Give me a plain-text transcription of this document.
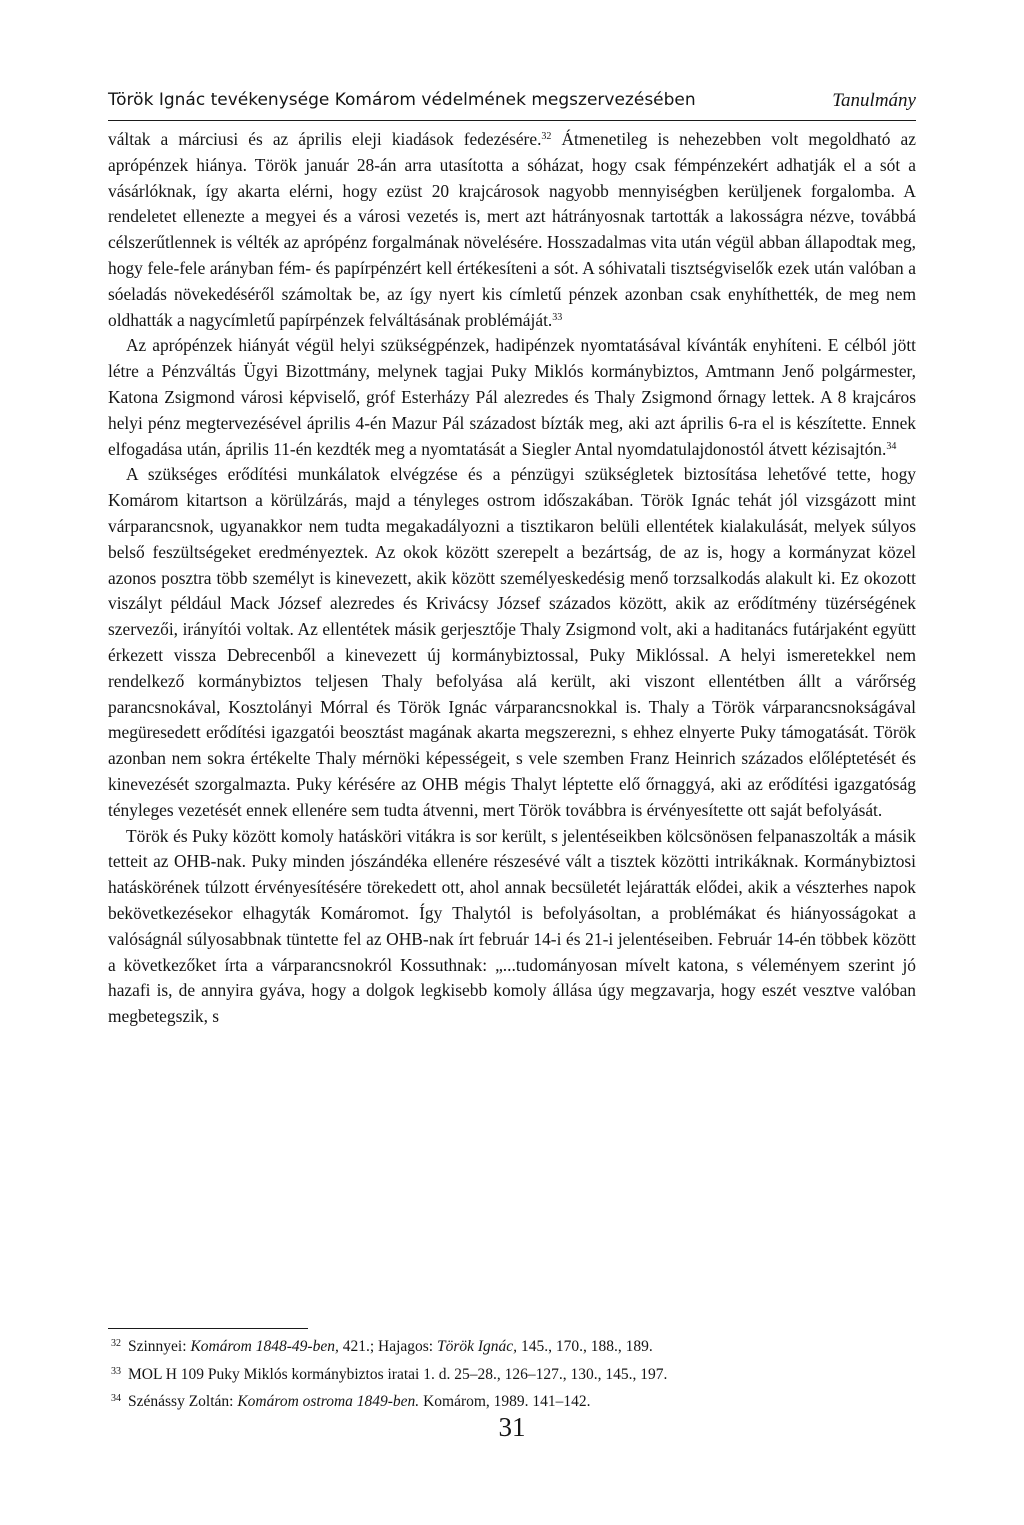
Török Ignác tevékenysége Komárom védelmének megszervezésében	Tanulmány

váltak a márciusi és az április eleji kiadások fedezésére.$^{32}$ Átmenetileg is nehezebben volt megoldható az aprópénzek hiánya. Török január 28-án arra utasította a sóházat, hogy csak fémpénzekért adhatják el a sót a vásárlóknak, így akarta elérni, hogy ezüst 20 krajcárosok nagyobb mennyiségben kerüljenek forgalomba. A rendeletet ellenezte a megyei és a városi vezetés is, mert azt hátrányosnak tartották a lakosságra nézve, továbbá célszerűtlennek is vélték az aprópénz forgalmának növelésére. Hosszadalmas vita után végül abban állapodtak meg, hogy fele-fele arányban fém- és papírpénzért kell értékesíteni a sót. A sóhivatali tisztségviselők ezek után valóban a sóeladás növekedéséről számoltak be, az így nyert kis címletű pénzek azonban csak enyhíthették, de meg nem oldhatták a nagycímletű papírpénzek felváltásának problémáját.$^{33}$

Az aprópénzek hiányát végül helyi szükségpénzek, hadipénzek nyomtatásával kívánták enyhíteni. E célból jött létre a Pénzváltás Ügyi Bizottmány, melynek tagjai Puky Miklós kormánybiztos, Amtmann Jenő polgármester, Katona Zsigmond városi képviselő, gróf Esterházy Pál alezredes és Thaly Zsigmond őrnagy lettek. A 8 krajcáros helyi pénz megtervezésével április 4-én Mazur Pál századost bízták meg, aki azt április 6-ra el is készítette. Ennek elfogadása után, április 11-én kezdték meg a nyomtatását a Siegler Antal nyomdatulajdonostól átvett kézisajtón.$^{34}$

A szükséges erődítési munkálatok elvégzése és a pénzügyi szükségletek biztosítása lehetővé tette, hogy Komárom kitartson a körülzárás, majd a tényleges ostrom időszakában. Török Ignác tehát jól vizsgázott mint várparancsnok, ugyanakkor nem tudta megakadályozni a tisztikaron belüli ellentétek kialakulását, melyek súlyos belső feszültségeket eredményeztek. Az okok között szerepelt a bezártság, de az is, hogy a kormányzat közel azonos posztra több személyt is kinevezett, akik között személyeskedésig menő torzsalkodás alakult ki. Ez okozott viszályt például Mack József alezredes és Krivácsy József százados között, akik az erődítmény tüzérségének szervezői, irányítói voltak. Az ellentétek másik gerjesztője Thaly Zsigmond volt, aki a haditanács futárjaként együtt érkezett vissza Debrecenből a kinevezett új kormánybiztossal, Puky Miklóssal. A helyi ismeretekkel nem rendelkező kormánybiztos teljesen Thaly befolyása alá került, aki viszont ellentétben állt a várőrség parancsnokával, Kosztolányi Mórral és Török Ignác várparancsnokkal is. Thaly a Török várparancsnokságával megüresedett erődítési igazgatói beosztást magának akarta megszerezni, s ehhez elnyerte Puky támogatását. Török azonban nem sokra értékelte Thaly mérnöki képességeit, s vele szemben Franz Heinrich százados előléptetését és kinevezését szorgalmazta. Puky kérésére az OHB mégis Thalyt léptette elő őrnaggyá, aki az erődítési igazgatóság tényleges vezetését ennek ellenére sem tudta átvenni, mert Török továbbra is érvényesítette ott saját befolyását.

Török és Puky között komoly hatásköri vitákra is sor került, s jelentéseikben kölcsönösen felpanaszolták a másik tetteit az OHB-nak. Puky minden jószándéka ellenére részesévé vált a tisztek közötti intrikáknak. Kormánybiztosi hatáskörének túlzott érvényesítésére törekedett ott, ahol annak becsületét lejáratták elődei, akik a vészterhes napok bekövetkezésekor elhagyták Komáromot. Így Thalytól is befolyásoltan, a problémákat és hiányosságokat a valóságnál súlyosabbnak tüntette fel az OHB-nak írt február 14-i és 21-i jelentéseiben. Február 14-én többek között a következőket írta a várparancsnokról Kossuthnak: „...tudományosan mívelt katona, s véleményem szerint jó hazafi is, de annyira gyáva, hogy a dolgok legkisebb komoly állása úgy megzavarja, hogy eszét vesztve valóban megbetegszik, s

$^{32}$ Szinnyei: Komárom 1848-49-ben, 421.; Hajagos: Török Ignác, 145., 170., 188., 189.

$^{33}$ MOL H 109 Puky Miklós kormánybiztos iratai 1. d. 25–28., 126–127., 130., 145., 197.

$^{34}$ Szénássy Zoltán: Komárom ostroma 1849-ben. Komárom, 1989. 141–142.

31
